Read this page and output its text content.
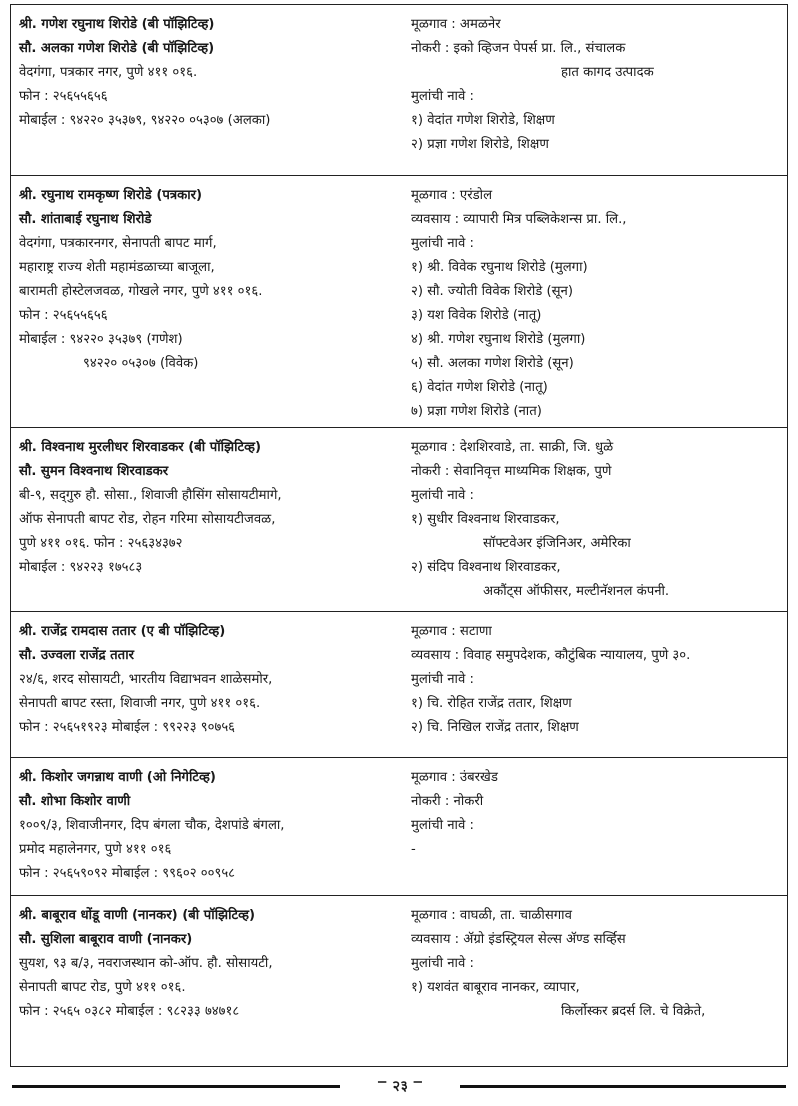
श्री. गणेश रघुनाथ शिरोडे (बी पॉझिटिव्ह)
सौ. अलका गणेश शिरोडे (बी पॉझिटिव्ह)
वेदगंगा, पत्रकार नगर, पुणे ४११ ०१६.
फोन : २५६५५६५६
मोबाईल : ९४२२० ३५३७९, ९४२२० ०५३०७ (अलका)
मूळगाव : अमळनेर
नोकरी : इको व्हिजन पेपर्स प्रा. लि., संचालक
हात कागद उत्पादक
मुलांची नावे :
१) वेदांत गणेश शिरोडे, शिक्षण
२) प्रज्ञा गणेश शिरोडे, शिक्षण
श्री. रघुनाथ रामकृष्ण शिरोडे (पत्रकार)
सौ. शांताबाई रघुनाथ शिरोडे
वेदगंगा, पत्रकारनगर, सेनापती बापट मार्ग,
महाराष्ट्र राज्य शेती महामंडळाच्या बाजूला,
बारामती होस्टेलजवळ, गोखले नगर, पुणे ४११ ०१६.
फोन : २५६५५६५६
मोबाईल : ९४२२० ३५३७९ (गणेश)
९४२२० ०५३०७ (विवेक)
मूळगाव : एरंडोल
व्यवसाय : व्यापारी मित्र पब्लिकेशन्स प्रा. लि.,
मुलांची नावे :
१) श्री. विवेक रघुनाथ शिरोडे (मुलगा)
२) सौ. ज्योती विवेक शिरोडे (सून)
३) यश विवेक शिरोडे (नातू)
४) श्री. गणेश रघुनाथ शिरोडे (मुलगा)
५) सौ. अलका गणेश शिरोडे (सून)
६) वेदांत गणेश शिरोडे (नातू)
७) प्रज्ञा गणेश शिरोडे (नात)
श्री. विश्वनाथ मुरलीधर शिरवाडकर (बी पॉझिटिव्ह)
सौ. सुमन विश्वनाथ शिरवाडकर
बी-९, सद्‌गुरु हौ. सोसा., शिवाजी हौसिंग सोसायटीमागे,
ऑफ सेनापती बापट रोड, रोहन गरिमा सोसायटीजवळ,
पुणे ४११ ०१६. फोन : २५६३४३७२
मोबाईल : ९४२२३ १७५८३
मूळगाव : देशशिरवाडे, ता. साक्री, जि. धुळे
नोकरी : सेवानिवृत्त माध्यमिक शिक्षक, पुणे
मुलांची नावे :
१) सुधीर विश्वनाथ शिरवाडकर,
सॉफ्टवेअर इंजिनिअर, अमेरिका
२) संदिप विश्वनाथ शिरवाडकर,
अकौंट्स ऑफीसर, मल्टीनॅशनल कंपनी.
श्री. राजेंद्र रामदास ततार (ए बी पॉझिटिव्ह)
सौ. उज्वला राजेंद्र ततार
२४/६, शरद सोसायटी, भारतीय विद्याभवन शाळेसमोर,
सेनापती बापट रस्ता, शिवाजी नगर, पुणे ४११ ०१६.
फोन : २५६५१९२३ मोबाईल : ९९२२३ ९०७५६
मूळगाव : सटाणा
व्यवसाय : विवाह समुपदेशक, कौटुंबिक न्यायालय, पुणे ३०.
मुलांची नावे :
१) चि. रोहित राजेंद्र ततार, शिक्षण
२) चि. निखिल राजेंद्र ततार, शिक्षण
श्री. किशोर जगन्नाथ वाणी (ओ निगेटिव्ह)
सौ. शोभा किशोर वाणी
१००९/३, शिवाजीनगर, दिप बंगला चौक, देशपांडे बंगला,
प्रमोद महालेनगर, पुणे ४११ ०१६
फोन : २५६५९०९२ मोबाईल : ९९६०२ ००९५८
मूळगाव : उंबरखेड
नोकरी : नोकरी
मुलांची नावे :
-
श्री. बाबूराव धोंडू वाणी (नानकर) (बी पॉझिटिव्ह)
सौ. सुशिला बाबूराव वाणी (नानकर)
सुयश, ९३ ब/३, नवराजस्थान को-ऑप. हौ. सोसायटी,
सेनापती बापट रोड, पुणे ४११ ०१६.
फोन : २५६५ ०३८२ मोबाईल : ९८२३३ ७४७१८
मूळगाव : वाघळी, ता. चाळीसगाव
व्यवसाय : ॲग्रो इंडस्ट्रियल सेल्स ॲण्ड सर्व्हिस
मुलांची नावे :
१) यशवंत बाबूराव नानकर, व्यापार,
किर्लोस्कर ब्रदर्स लि. चे विक्रेते,
ꣻ २३ ꣻ
